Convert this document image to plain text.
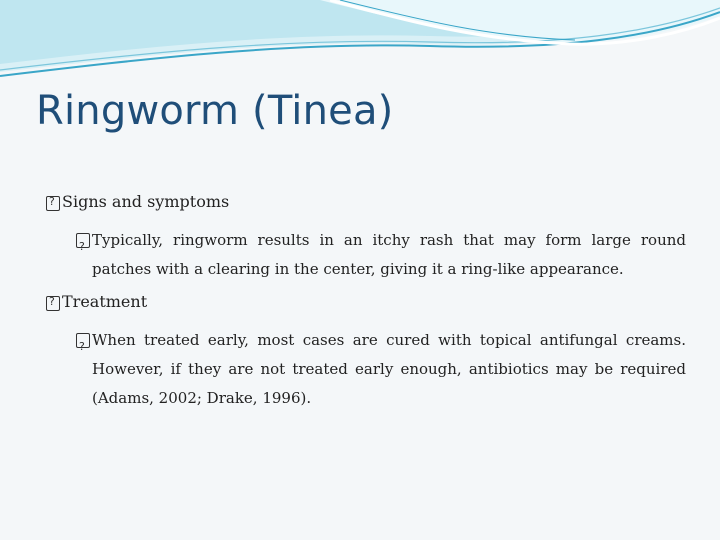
Ringworm (Tinea)
?
Signs and symptoms
?
Typically, ringworm results in an itchy rash that may form large round patches with a clearing in the center, giving it a ring-like appearance.
?
Treatment
?
When treated early, most cases are cured with topical antifungal creams. However, if they are not treated early enough, antibiotics may be required (Adams, 2002; Drake, 1996).
